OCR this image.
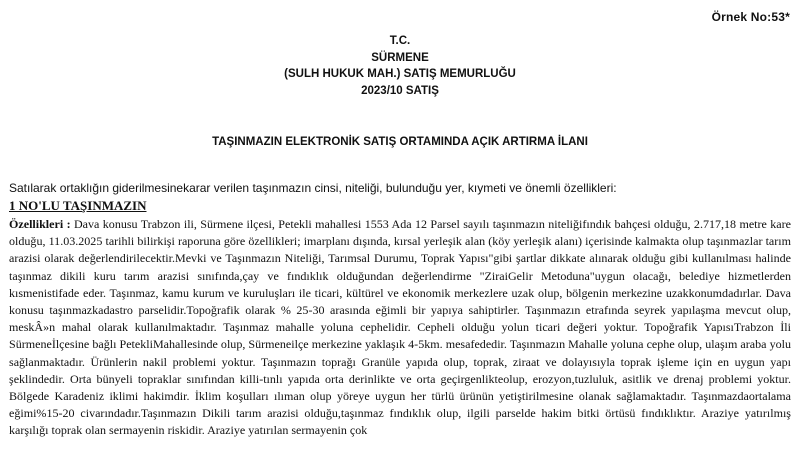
Örnek No:53*
T.C.
SÜRMENE
(SULH HUKUK MAH.) SATIŞ MEMURLUĞU
2023/10 SATIŞ
TAŞINMAZIN ELEKTRONİK SATIŞ ORTAMINDA AÇIK ARTIRMA İLANI
Satılarak ortaklığın giderilmesinekarar verilen taşınmazın cinsi, niteliği, bulunduğu yer, kıymeti ve önemli özellikleri:
1 NO'LU TAŞINMAZIN
Özellikleri : Dava konusu Trabzon ili, Sürmene ilçesi, Petekli mahallesi 1553 Ada 12 Parsel sayılı taşınmazın niteliğifındık bahçesi olduğu, 2.717,18 metre kare olduğu, 11.03.2025 tarihli bilirkişi raporuna göre özellikleri; imarplanı dışında, kırsal yerleşik alan (köy yerleşik alanı) içerisinde kalmakta olup taşınmazlar tarım arazisi olarak değerlendirilecektir.Mevki ve Taşınmazın Niteliği, Tarımsal Durumu, Toprak Yapısı"gibi şartlar dikkate alınarak olduğu gibi kullanılması halinde taşınmaz dikili kuru tarım arazisi sınıfında,çay ve fındıklık olduğundan değerlendirme "ZiraiGelir Metoduna"uygun olacağı, belediye hizmetlerden kısmenistifade eder. Taşınmaz, kamu kurum ve kuruluşları ile ticari, kültürel ve ekonomik merkezlere uzak olup, bölgenin merkezine uzakkonumdadırlar. Dava konusu taşınmazkadastro parselidir.Topoğrafik olarak % 25-30 arasında eğimli bir yapıya sahiptirler. Taşınmazın etrafında seyrek yapılaşma mevcut olup, meskÂ»n mahal olarak kullanılmaktadır. Taşınmaz mahalle yoluna cephelidir. Cepheli olduğu yolun ticari değeri yoktur. Topoğrafik YapısıTrabzon İli Sürmeneİlçesine bağlı PetekliMahallesinde olup, Sürmeneilçe merkezine yaklaşık 4-5km. mesafededir. Taşınmazın Mahalle yoluna cephe olup, ulaşım araba yolu sağlanmaktadır. Ürünlerin nakil problemi yoktur. Taşınmazın toprağı Granüle yapıda olup, toprak, ziraat ve dolayısıyla toprak işleme için en uygun yapı şeklindedir. Orta bünyeli topraklar sınıfından killi-tınlı yapıda orta derinlikte ve orta geçirgenlikteolup, erozyon,tuzluluk, asitlik ve drenaj problemi yoktur. Bölgede Karadeniz iklimi hakimdir. İklim koşulları ılıman olup yöreye uygun her türlü ürünün yetiştirilmesine olanak sağlamaktadır. Taşınmazdaortalama eğimi%15-20 civarındadır.Taşınmazın Dikili tarım arazisi olduğu,taşınmaz fındıklık olup, ilgili parselde hakim bitki örtüsü fındıklıktır. Araziye yatırılmış karşılığı toprak olan sermayenin riskidir. Araziye yatırılan sermayenin çok
